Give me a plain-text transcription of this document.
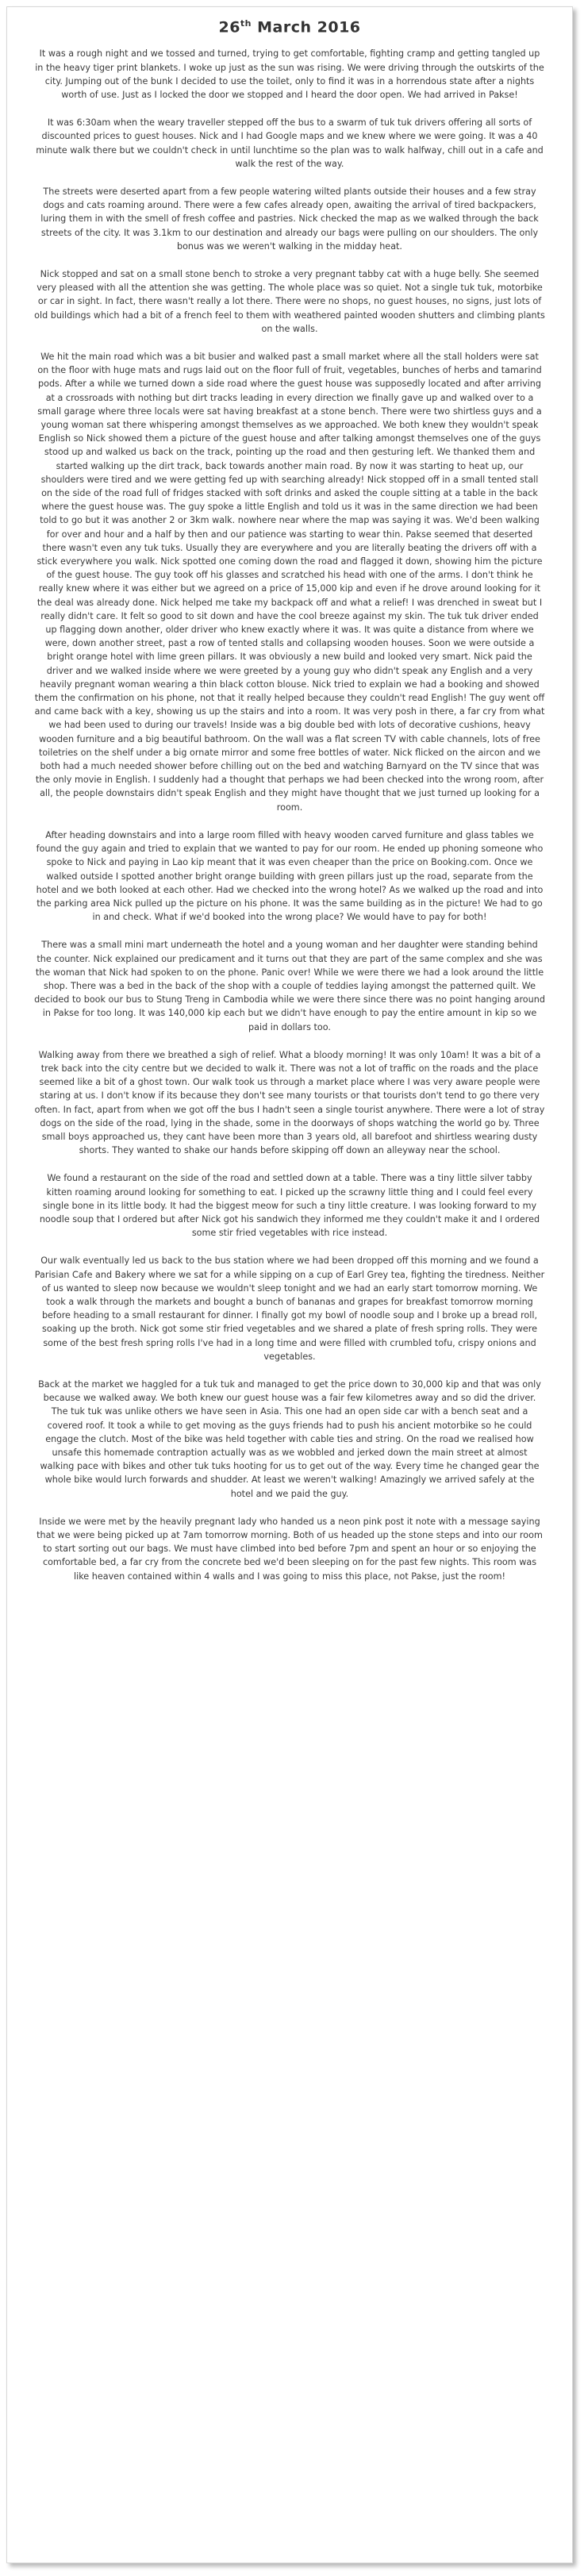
26th March 2016

It was a rough night and we tossed and turned, trying to get comfortable, fighting cramp and getting tangled up in the heavy tiger print blankets. I woke up just as the sun was rising. We were driving through the outskirts of the city. Jumping out of the bunk I decided to use the toilet, only to find it was in a horrendous state after a nights worth of use. Just as I locked the door we stopped and I heard the door open. We had arrived in Pakse!

It was 6:30am when the weary traveller stepped off the bus to a swarm of tuk tuk drivers offering all sorts of discounted prices to guest houses. Nick and I had Google maps and we knew where we were going. It was a 40 minute walk there but we couldn't check in until lunchtime so the plan was to walk halfway, chill out in a cafe and walk the rest of the way.

The streets were deserted apart from a few people watering wilted plants outside their houses and a few stray dogs and cats roaming around. There were a few cafes already open, awaiting the arrival of tired backpackers, luring them in with the smell of fresh coffee and pastries. Nick checked the map as we walked through the back streets of the city. It was 3.1km to our destination and already our bags were pulling on our shoulders. The only bonus was we weren't walking in the midday heat.

Nick stopped and sat on a small stone bench to stroke a very pregnant tabby cat with a huge belly. She seemed very pleased with all the attention she was getting. The whole place was so quiet. Not a single tuk tuk, motorbike or car in sight. In fact, there wasn't really a lot there. There were no shops, no guest houses, no signs, just lots of old buildings which had a bit of a french feel to them with weathered painted wooden shutters and climbing plants on the walls.

We hit the main road which was a bit busier and walked past a small market where all the stall holders were sat on the floor with huge mats and rugs laid out on the floor full of fruit, vegetables, bunches of herbs and tamarind pods. After a while we turned down a side road where the guest house was supposedly located and after arriving at a crossroads with nothing but dirt tracks leading in every direction we finally gave up and walked over to a small garage where three locals were sat having breakfast at a stone bench. There were two shirtless guys and a young woman sat there whispering amongst themselves as we approached. We both knew they wouldn't speak English so Nick showed them a picture of the guest house and after talking amongst themselves one of the guys stood up and walked us back on the track, pointing up the road and then gesturing left. We thanked them and started walking up the dirt track, back towards another main road. By now it was starting to heat up, our shoulders were tired and we were getting fed up with searching already! Nick stopped off in a small tented stall on the side of the road full of fridges stacked with soft drinks and asked the couple sitting at a table in the back where the guest house was. The guy spoke a little English and told us it was in the same direction we had been told to go but it was another 2 or 3km walk. nowhere near where the map was saying it was. We'd been walking for over and hour and a half by then and our patience was starting to wear thin. Pakse seemed that deserted there wasn't even any tuk tuks. Usually they are everywhere and you are literally beating the drivers off with a stick everywhere you walk. Nick spotted one coming down the road and flagged it down, showing him the picture of the guest house. The guy took off his glasses and scratched his head with one of the arms. I don't think he really knew where it was either but we agreed on a price of 15,000 kip and even if he drove around looking for it the deal was already done. Nick helped me take my backpack off and what a relief! I was drenched in sweat but I really didn't care. It felt so good to sit down and have the cool breeze against my skin. The tuk tuk driver ended up flagging down another, older driver who knew exactly where it was. It was quite a distance from where we were, down another street, past a row of tented stalls and collapsing wooden houses. Soon we were outside a bright orange hotel with lime green pillars. It was obviously a new build and looked very smart. Nick paid the driver and we walked inside where we were greeted by a young guy who didn't speak any English and a very heavily pregnant woman wearing a thin black cotton blouse. Nick tried to explain we had a booking and showed them the confirmation on his phone, not that it really helped because they couldn't read English! The guy went off and came back with a key, showing us up the stairs and into a room. It was very posh in there, a far cry from what we had been used to during our travels! Inside was a big double bed with lots of decorative cushions, heavy wooden furniture and a big beautiful bathroom. On the wall was a flat screen TV with cable channels, lots of free toiletries on the shelf under a big ornate mirror and some free bottles of water. Nick flicked on the aircon and we both had a much needed shower before chilling out on the bed and watching Barnyard on the TV since that was the only movie in English. I suddenly had a thought that perhaps we had been checked into the wrong room, after all, the people downstairs didn't speak English and they might have thought that we just turned up looking for a room.

After heading downstairs and into a large room filled with heavy wooden carved furniture and glass tables we found the guy again and tried to explain that we wanted to pay for our room. He ended up phoning someone who spoke to Nick and paying in Lao kip meant that it was even cheaper than the price on Booking.com. Once we walked outside I spotted another bright orange building with green pillars just up the road, separate from the hotel and we both looked at each other. Had we checked into the wrong hotel? As we walked up the road and into the parking area Nick pulled up the picture on his phone. It was the same building as in the picture! We had to go in and check. What if we'd booked into the wrong place? We would have to pay for both!

There was a small mini mart underneath the hotel and a young woman and her daughter were standing behind the counter. Nick explained our predicament and it turns out that they are part of the same complex and she was the woman that Nick had spoken to on the phone. Panic over! While we were there we had a look around the little shop. There was a bed in the back of the shop with a couple of teddies laying amongst the patterned quilt. We decided to book our bus to Stung Treng in Cambodia while we were there since there was no point hanging around in Pakse for too long. It was 140,000 kip each but we didn't have enough to pay the entire amount in kip so we paid in dollars too.

Walking away from there we breathed a sigh of relief. What a bloody morning! It was only 10am! It was a bit of a trek back into the city centre but we decided to walk it. There was not a lot of traffic on the roads and the place seemed like a bit of a ghost town. Our walk took us through a market place where I was very aware people were staring at us. I don't know if its because they don't see many tourists or that tourists don't tend to go there very often. In fact, apart from when we got off the bus I hadn't seen a single tourist anywhere. There were a lot of stray dogs on the side of the road, lying in the shade, some in the doorways of shops watching the world go by. Three small boys approached us, they cant have been more than 3 years old, all barefoot and shirtless wearing dusty shorts. They wanted to shake our hands before skipping off down an alleyway near the school.

We found a restaurant on the side of the road and settled down at a table. There was a tiny little silver tabby kitten roaming around looking for something to eat. I picked up the scrawny little thing and I could feel every single bone in its little body. It had the biggest meow for such a tiny little creature. I was looking forward to my noodle soup that I ordered but after Nick got his sandwich they informed me they couldn't make it and I ordered some stir fried vegetables with rice instead.

Our walk eventually led us back to the bus station where we had been dropped off this morning and we found a Parisian Cafe and Bakery where we sat for a while sipping on a cup of Earl Grey tea, fighting the tiredness. Neither of us wanted to sleep now because we wouldn't sleep tonight and we had an early start tomorrow morning. We took a walk through the markets and bought a bunch of bananas and grapes for breakfast tomorrow morning before heading to a small restaurant for dinner. I finally got my bowl of noodle soup and I broke up a bread roll, soaking up the broth. Nick got some stir fried vegetables and we shared a plate of fresh spring rolls. They were some of the best fresh spring rolls I've had in a long time and were filled with crumbled tofu, crispy onions and vegetables.

Back at the market we haggled for a tuk tuk and managed to get the price down to 30,000 kip and that was only because we walked away. We both knew our guest house was a fair few kilometres away and so did the driver. The tuk tuk was unlike others we have seen in Asia. This one had an open side car with a bench seat and a covered roof. It took a while to get moving as the guys friends had to push his ancient motorbike so he could engage the clutch. Most of the bike was held together with cable ties and string. On the road we realised how unsafe this homemade contraption actually was as we wobbled and jerked down the main street at almost walking pace with bikes and other tuk tuks hooting for us to get out of the way. Every time he changed gear the whole bike would lurch forwards and shudder. At least we weren't walking! Amazingly we arrived safely at the hotel and we paid the guy.

Inside we were met by the heavily pregnant lady who handed us a neon pink post it note with a message saying that we were being picked up at 7am tomorrow morning. Both of us headed up the stone steps and into our room to start sorting out our bags. We must have climbed into bed before 7pm and spent an hour or so enjoying the comfortable bed, a far cry from the concrete bed we'd been sleeping on for the past few nights. This room was like heaven contained within 4 walls and I was going to miss this place, not Pakse, just the room!
